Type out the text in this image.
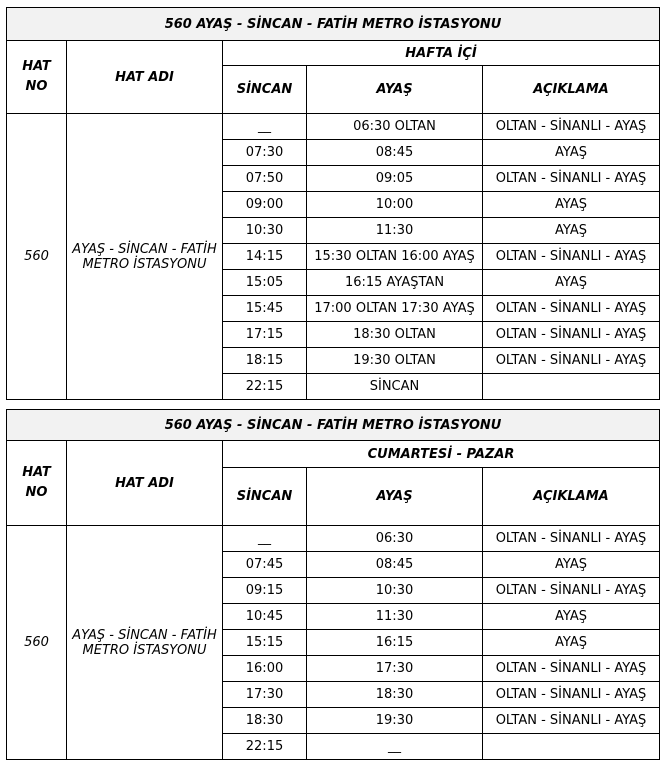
560 AYAŞ - SİNCAN - FATİH METRO İSTASYONU				
HAT NO	HAT ADI	HAFTA İÇİ		
		SİNCAN	AYAŞ	AÇIKLAMA
560	AYAŞ - SİNCAN - FATİH METRO İSTASYONU	__	06:30 OLTAN	OLTAN - SİNANLI - AYAŞ
		07:30	08:45	AYAŞ
		07:50	09:05	OLTAN - SİNANLI - AYAŞ
		09:00	10:00	AYAŞ
		10:30	11:30	AYAŞ
		14:15	15:30 OLTAN 16:00 AYAŞ	OLTAN - SİNANLI - AYAŞ
		15:05	16:15 AYAŞTAN	AYAŞ
		15:45	17:00 OLTAN 17:30 AYAŞ	OLTAN - SİNANLI - AYAŞ
		17:15	18:30 OLTAN	OLTAN - SİNANLI - AYAŞ
		18:15	19:30 OLTAN	OLTAN - SİNANLI - AYAŞ
		22:15	SİNCAN	
560 AYAŞ - SİNCAN - FATİH METRO İSTASYONU				
HAT NO	HAT ADI	CUMARTESİ - PAZAR		
		SİNCAN	AYAŞ	AÇIKLAMA
560	AYAŞ - SİNCAN - FATİH METRO İSTASYONU	__	06:30	OLTAN - SİNANLI - AYAŞ
		07:45	08:45	AYAŞ
		09:15	10:30	OLTAN - SİNANLI - AYAŞ
		10:45	11:30	AYAŞ
		15:15	16:15	AYAŞ
		16:00	17:30	OLTAN - SİNANLI - AYAŞ
		17:30	18:30	OLTAN - SİNANLI - AYAŞ
		18:30	19:30	OLTAN - SİNANLI - AYAŞ
		22:15	__	
